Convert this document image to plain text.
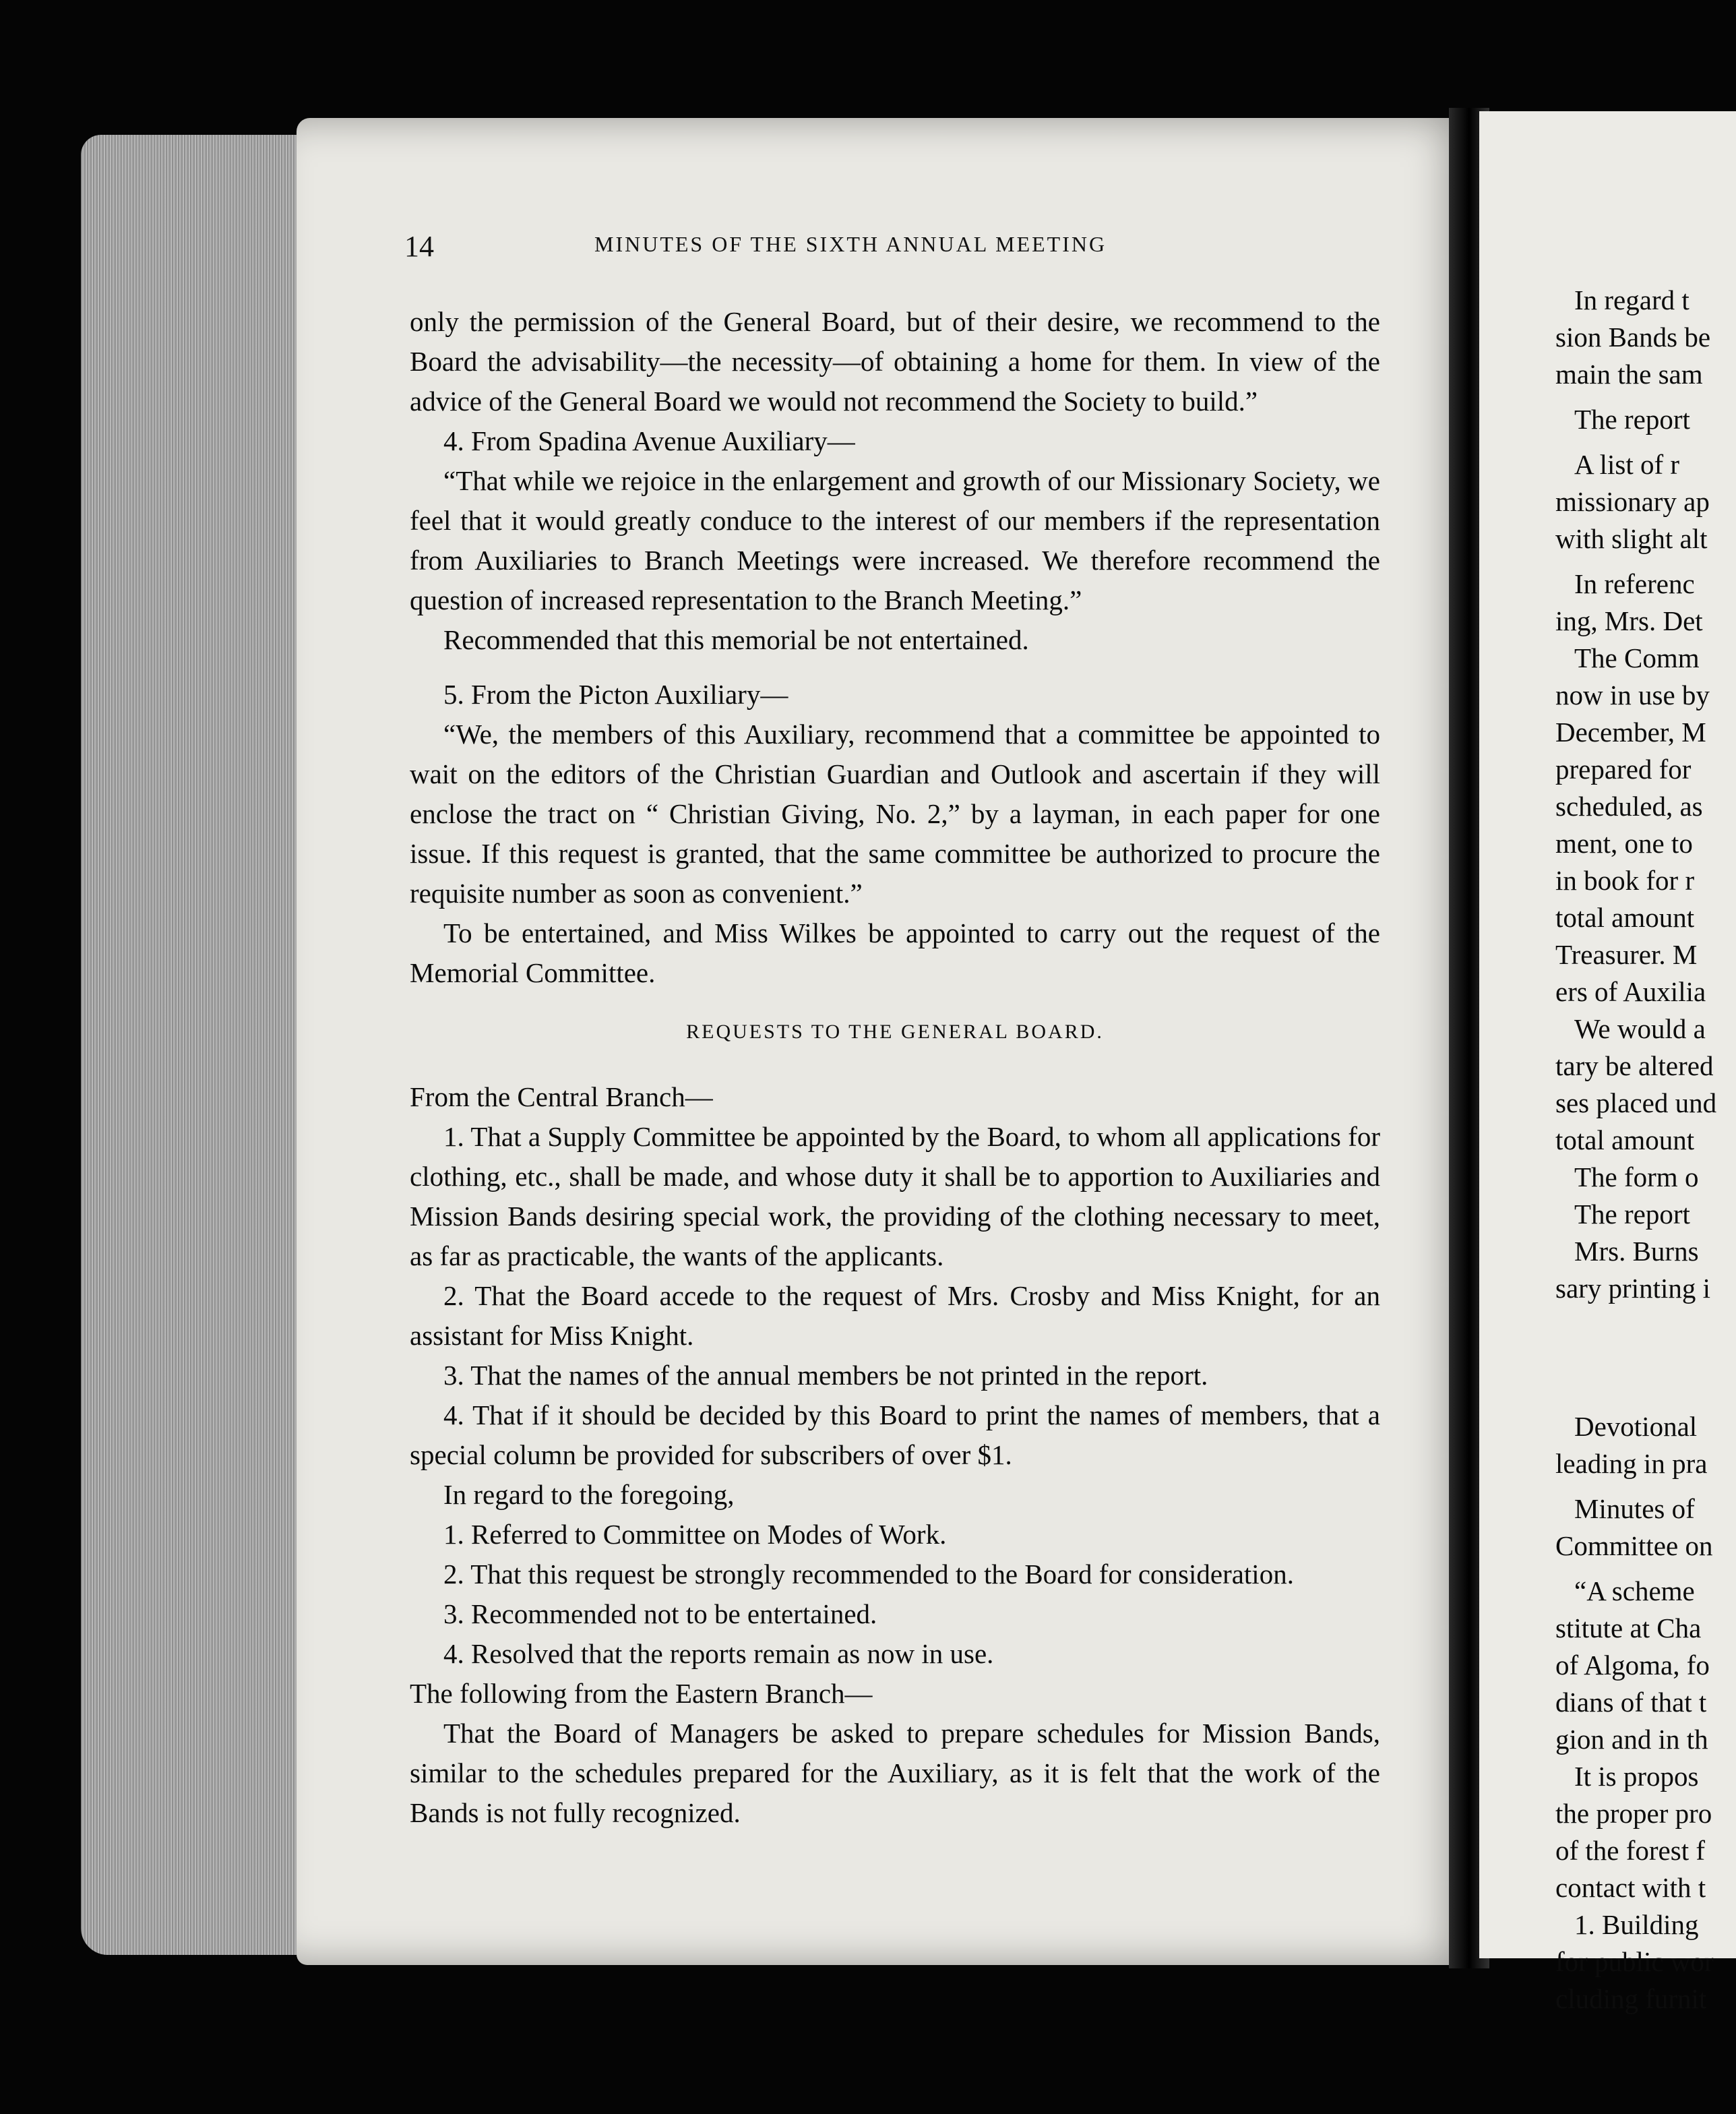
14	MINUTES OF THE SIXTH ANNUAL MEETING

only the permission of the General Board, but of their desire, we recommend to the Board the advisability—the necessity—of obtaining a home for them. In view of the advice of the General Board we would not recommend the Society to build.”

4. From Spadina Avenue Auxiliary—

“That while we rejoice in the enlargement and growth of our Missionary Society, we feel that it would greatly conduce to the interest of our members if the representation from Auxiliaries to Branch Meetings were increased. We therefore recommend the question of increased representation to the Branch Meeting.”

Recommended that this memorial be not entertained.

5. From the Picton Auxiliary—

“We, the members of this Auxiliary, recommend that a committee be appointed to wait on the editors of the Christian Guardian and Outlook and ascertain if they will enclose the tract on “ Christian Giving, No. 2,” by a layman, in each paper for one issue. If this request is granted, that the same committee be authorized to procure the requisite number as soon as convenient.”

To be entertained, and Miss Wilkes be appointed to carry out the request of the Memorial Committee.

REQUESTS TO THE GENERAL BOARD.

From the Central Branch—

1. That a Supply Committee be appointed by the Board, to whom all applications for clothing, etc., shall be made, and whose duty it shall be to apportion to Auxiliaries and Mission Bands desiring special work, the providing of the clothing necessary to meet, as far as practicable, the wants of the applicants.

2. That the Board accede to the request of Mrs. Crosby and Miss Knight, for an assistant for Miss Knight.

3. That the names of the annual members be not printed in the report.

4. That if it should be decided by this Board to print the names of members, that a special column be provided for subscribers of over $1.

In regard to the foregoing,

1. Referred to Committee on Modes of Work.

2. That this request be strongly recommended to the Board for consideration.

3. Recommended not to be entertained.

4. Resolved that the reports remain as now in use.

The following from the Eastern Branch—

That the Board of Managers be asked to prepare schedules for Mission Bands, similar to the schedules prepared for the Auxiliary, as it is felt that the work of the Bands is not fully recognized.

In regard t
sion Bands be
main the sam
The report
A list of r
missionary ap
with slight alt
In referenc
ing, Mrs. Det
The Comm
now in use by
December, M
prepared for
scheduled, as
ment, one to
in book for r
total amount
Treasurer. M
ers of Auxilia
We would a
tary be altered
ses placed und
total amount
The form o
The report
Mrs. Burns
sary printing i
Devotional
leading in pra
Minutes of
Committee on
“A scheme
stitute at Cha
of Algoma, fo
dians of that t
gion and in th
It is propos
the proper pro
of the forest f
contact with t
1. Building
for public wor
cluding furnit
